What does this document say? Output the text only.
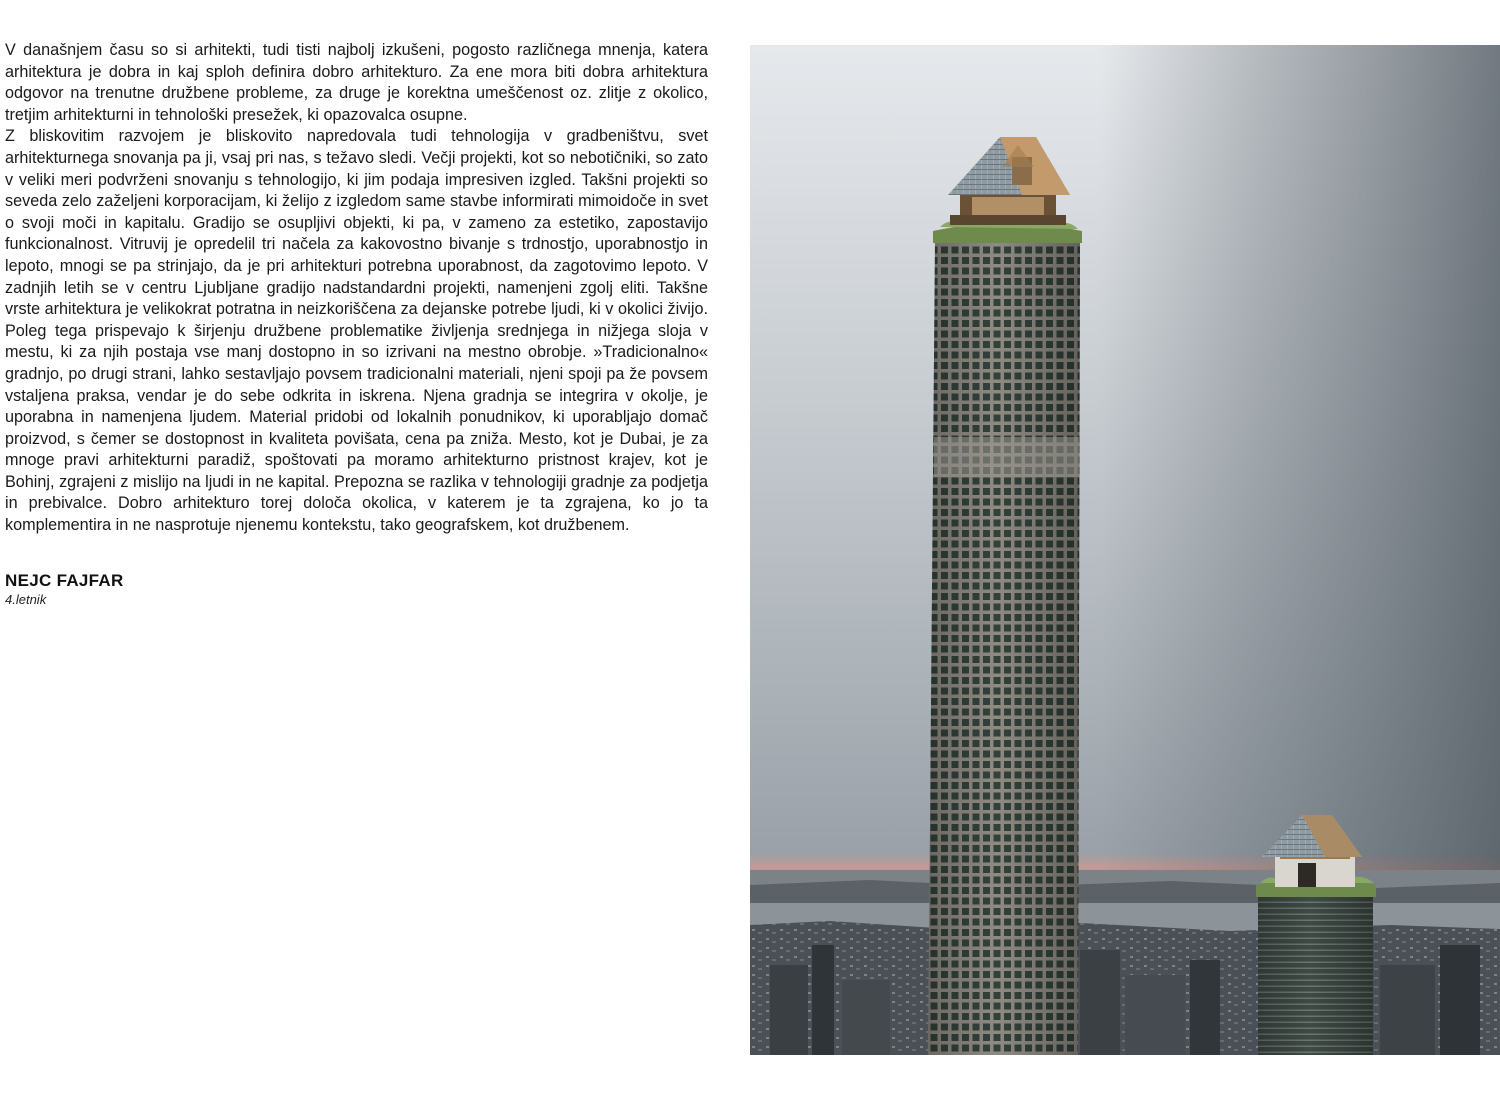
V današnjem času so si arhitekti, tudi tisti najbolj izkušeni, pogosto različnega mnenja, katera arhitektura je dobra in kaj sploh definira dobro arhitekturo. Za ene mora biti dobra arhitektura odgovor na trenutne družbene probleme, za druge je korektna umeščenost oz. zlitje z okolico, tretjim arhitekturni in tehnološki presežek, ki opazovalca osupne.

Z bliskovitim razvojem je bliskovito napredovala tudi tehnologija v gradbeništvu, svet arhitekturnega snovanja pa ji, vsaj pri nas, s težavo sledi. Večji projekti, kot so nebotičniki, so zato v veliki meri podvrženi snovanju s tehnologijo, ki jim podaja impresiven izgled. Takšni projekti so seveda zelo zaželjeni korporacijam, ki želijo z izgledom same stavbe informirati mimoidoče in svet o svoji moči in kapitalu. Gradijo se osupljivi objekti, ki pa, v zameno za estetiko, zapostavijo funkcionalnost. Vitruvij je opredelil tri načela za kakovostno bivanje s trdnostjo, uporabnostjo in lepoto, mnogi se pa strinjajo, da je pri arhitekturi potrebna uporabnost, da zagotovimo lepoto. V zadnjih letih se v centru Ljubljane gradijo nadstandardni projekti, namenjeni zgolj eliti. Takšne vrste arhitektura je velikokrat potratna in neizkoriščena za dejanske potrebe ljudi, ki v okolici živijo. Poleg tega prispevajo k širjenju družbene problematike življenja srednjega in nižjega sloja v mestu, ki za njih postaja vse manj dostopno in so izrivani na mestno obrobje. »Tradicionalno« gradnjo, po drugi strani, lahko sestavljajo povsem tradicionalni materiali, njeni spoji pa že povsem vstaljena praksa, vendar je do sebe odkrita in iskrena. Njena gradnja se integrira v okolje, je uporabna in namenjena ljudem. Material pridobi od lokalnih ponudnikov, ki uporabljajo domač proizvod, s čemer se dostopnost in kvaliteta povišata, cena pa zniža. Mesto, kot je Dubai, je za mnoge pravi arhitekturni paradiž, spoštovati pa moramo arhitekturno pristnost krajev, kot je Bohinj, zgrajeni z mislijo na ljudi in ne kapital. Prepozna se razlika v tehnologiji gradnje za podjetja in prebivalce. Dobro arhitekturo torej določa okolica, v katerem je ta zgrajena, ko jo ta komplementira in ne nasprotuje njenemu kontekstu, tako geografskem, kot družbenem.

NEJC FAJFAR
4.letnik
